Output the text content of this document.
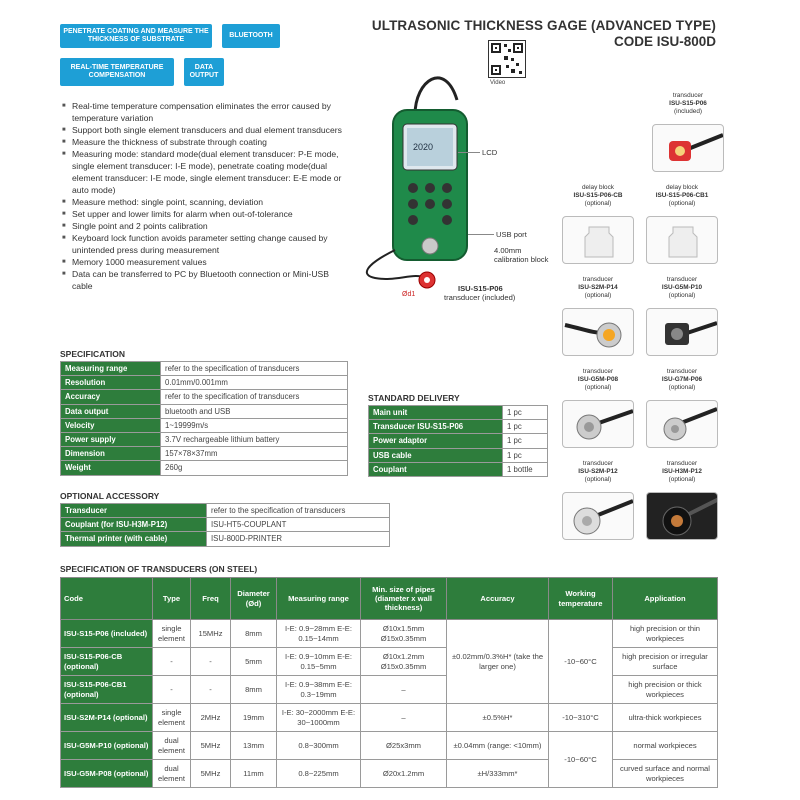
PENETRATE COATING AND MEASURE THE THICKNESS OF SUBSTRATE
BLUETOOTH
REAL-TIME TEMPERATURE COMPENSATION
DATA OUTPUT
ULTRASONIC THICKNESS GAGE (ADVANCED TYPE)
CODE ISU-800D
Video
■ Real-time temperature compensation eliminates the error caused by temperature variation
■ Support both single element transducers and dual element transducers
■ Measure the thickness of substrate through coating
■ Measuring mode: standard mode(dual element transducer: P-E mode, single element transducer: I-E mode), penetrate coating mode(dual element transducer: I-E mode, single element transducer: E-E mode or auto mode)
■ Measure method: single point, scanning, deviation
■ Set upper and lower limits for alarm when out-of-tolerance
■ Single point and 2 points calibration
■ Keyboard lock function avoids parameter setting change caused by unintended press during measurement
■ Memory 1000 measurement values
■ Data can be transferred to PC by Bluetooth connection or Mini-USB cable
2020
LCD
USB port
4.00mm calibration block
ISU-S15-P06
transducer (included)
Ød1
transducer
ISU-S15-P06
(included)
delay block
ISU-S15-P06-CB
(optional)
delay block
ISU-S15-P06-CB1
(optional)
transducer
ISU-S2M-P14
(optional)
transducer
ISU-G5M-P10
(optional)
transducer
ISU-G5M-P08
(optional)
transducer
ISU-G7M-P06
(optional)
transducer
ISU-S2M-P12
(optional)
transducer
ISU-H3M-P12
(optional)
SPECIFICATION
Measuring range	refer to the specification of transducers
Resolution	0.01mm/0.001mm
Accuracy	refer to the specification of transducers
Data output	bluetooth and USB
Velocity	1~19999m/s
Power supply	3.7V rechargeable lithium battery
Dimension	157×78×37mm
Weight	260g
STANDARD DELIVERY
Main unit	1 pc
Transducer ISU-S15-P06	1 pc
Power adaptor	1 pc
USB cable	1 pc
Couplant	1 bottle
OPTIONAL ACCESSORY
Transducer	refer to the specification of transducers
Couplant (for ISU-H3M-P12)	ISU-HT5-COUPLANT
Thermal printer (with cable)	ISU-800D-PRINTER
SPECIFICATION OF TRANSDUCERS (ON STEEL)
Code	Type	Freq	Diameter (Ød)	Measuring range	Min. size of pipes (diameter x wall thickness)	Accuracy	Working temperature	Application
ISU-S15-P06 (included)	single element	15MHz	8mm	I-E: 0.9~28mm E-E: 0.15~14mm	Ø10x1.5mm Ø15x0.35mm	±0.02mm/0.3%H* (take the larger one)	-10~60°C	high precision or thin workpieces
ISU-S15-P06-CB (optional)	-	-	5mm	I-E: 0.9~10mm E-E: 0.15~5mm	Ø10x1.2mm Ø15x0.35mm			high precision or irregular surface
ISU-S15-P06-CB1 (optional)	-	-	8mm	I-E: 0.9~38mm E-E: 0.3~19mm	–			high precision or thick workpieces
ISU-S2M-P14 (optional)	single element	2MHz	19mm	I-E: 30~2000mm E-E: 30~1000mm	–	±0.5%H*	-10~310°C	ultra-thick workpieces
ISU-G5M-P10 (optional)	dual element	5MHz	13mm	0.8~300mm	Ø25x3mm	±0.04mm (range: <10mm)	-10~60°C	normal workpieces
ISU-G5M-P08 (optional)	dual element	5MHz	11mm	0.8~225mm	Ø20x1.2mm	±H/333mm*		curved surface and normal workpieces
